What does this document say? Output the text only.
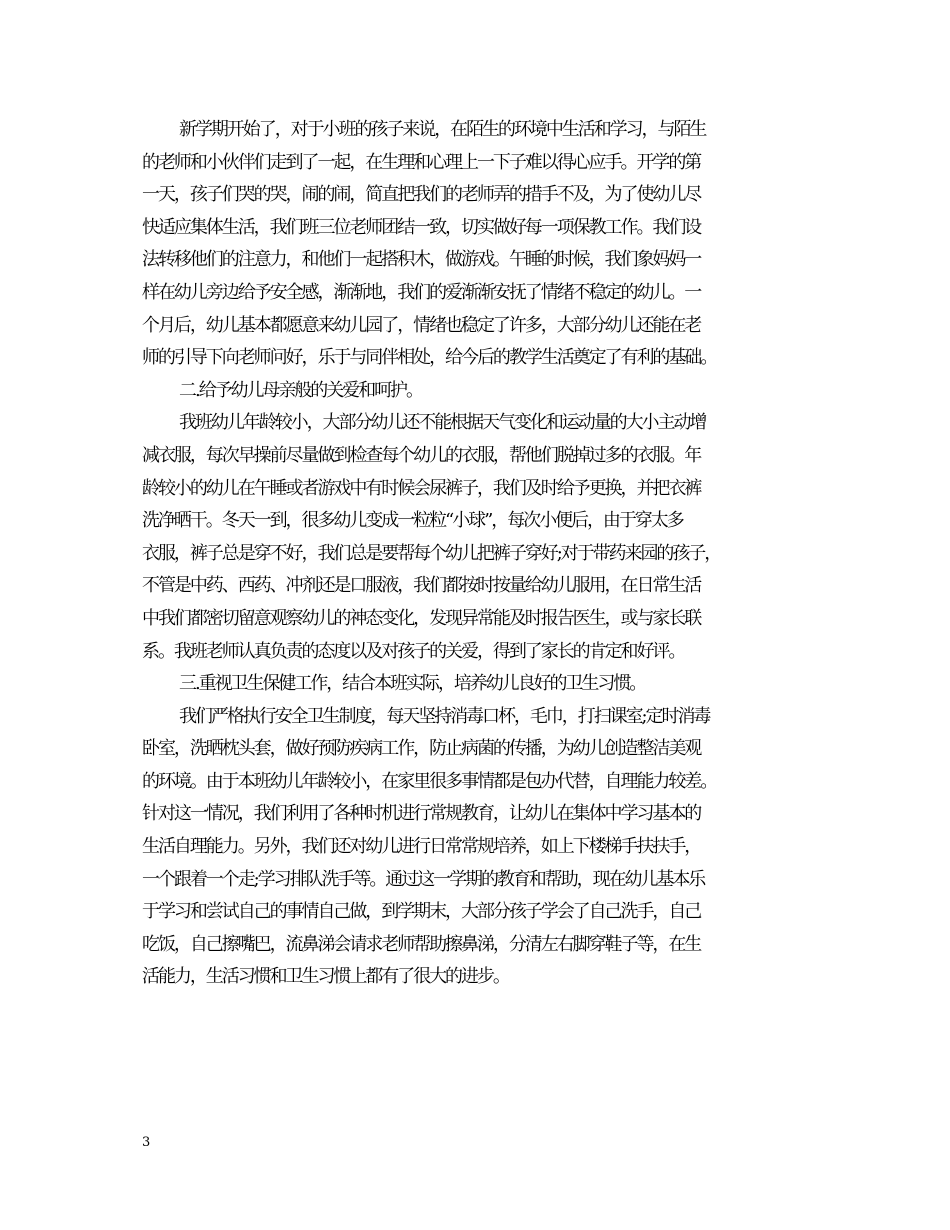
新学期开始了，对于小班的孩子来说，在陌生的环境中生活和学习，与陌生
的老师和小伙伴们走到了一起，在生理和心理上一下子难以得心应手。开学的第
一天，孩子们哭的哭，闹的闹，简直把我们的老师弄的措手不及，为了使幼儿尽
快适应集体生活，我们班三位老师团结一致，切实做好每一项保教工作。我们设
法转移他们的注意力，和他们一起搭积木，做游戏。午睡的时候，我们象妈妈一
样在幼儿旁边给予安全感，渐渐地，我们的爱渐渐安抚了情绪不稳定的幼儿。一
个月后，幼儿基本都愿意来幼儿园了，情绪也稳定了许多，大部分幼儿还能在老
师的引导下向老师问好，乐于与同伴相处，给今后的教学生活奠定了有利的基础。
二.给予幼儿母亲般的关爱和呵护。
我班幼儿年龄较小，大部分幼儿还不能根据天气变化和运动量的大小主动增
减衣服，每次早操前尽量做到检查每个幼儿的衣服，帮他们脱掉过多的衣服。年
龄较小的幼儿在午睡或者游戏中有时候会尿裤子，我们及时给予更换，并把衣裤
洗净晒干。冬天一到，很多幼儿变成一粒粒“小球”，每次小便后，由于穿太多
衣服，裤子总是穿不好，我们总是要帮每个幼儿把裤子穿好;对于带药来园的孩子，
不管是中药、西药、冲剂还是口服液，我们都按时按量给幼儿服用，在日常生活
中我们都密切留意观察幼儿的神态变化，发现异常能及时报告医生，或与家长联
系。我班老师认真负责的态度以及对孩子的关爱，得到了家长的肯定和好评。
三.重视卫生保健工作，结合本班实际，培养幼儿良好的卫生习惯。
我们严格执行安全卫生制度，每天坚持消毒口杯，毛巾，打扫课室;定时消毒
卧室，洗晒枕头套，做好预防疾病工作，防止病菌的传播，为幼儿创造整洁美观
的环境。由于本班幼儿年龄较小，在家里很多事情都是包办代替，自理能力较差。
针对这一情况，我们利用了各种时机进行常规教育，让幼儿在集体中学习基本的
生活自理能力。另外，我们还对幼儿进行日常常规培养，如上下楼梯手扶扶手，
一个跟着一个走;学习排队洗手等。通过这一学期的教育和帮助，现在幼儿基本乐
于学习和尝试自己的事情自己做，到学期末，大部分孩子学会了自己洗手，自己
吃饭，自己擦嘴巴，流鼻涕会请求老师帮助擦鼻涕，分清左右脚穿鞋子等，在生
活能力，生活习惯和卫生习惯上都有了很大的进步。
3
